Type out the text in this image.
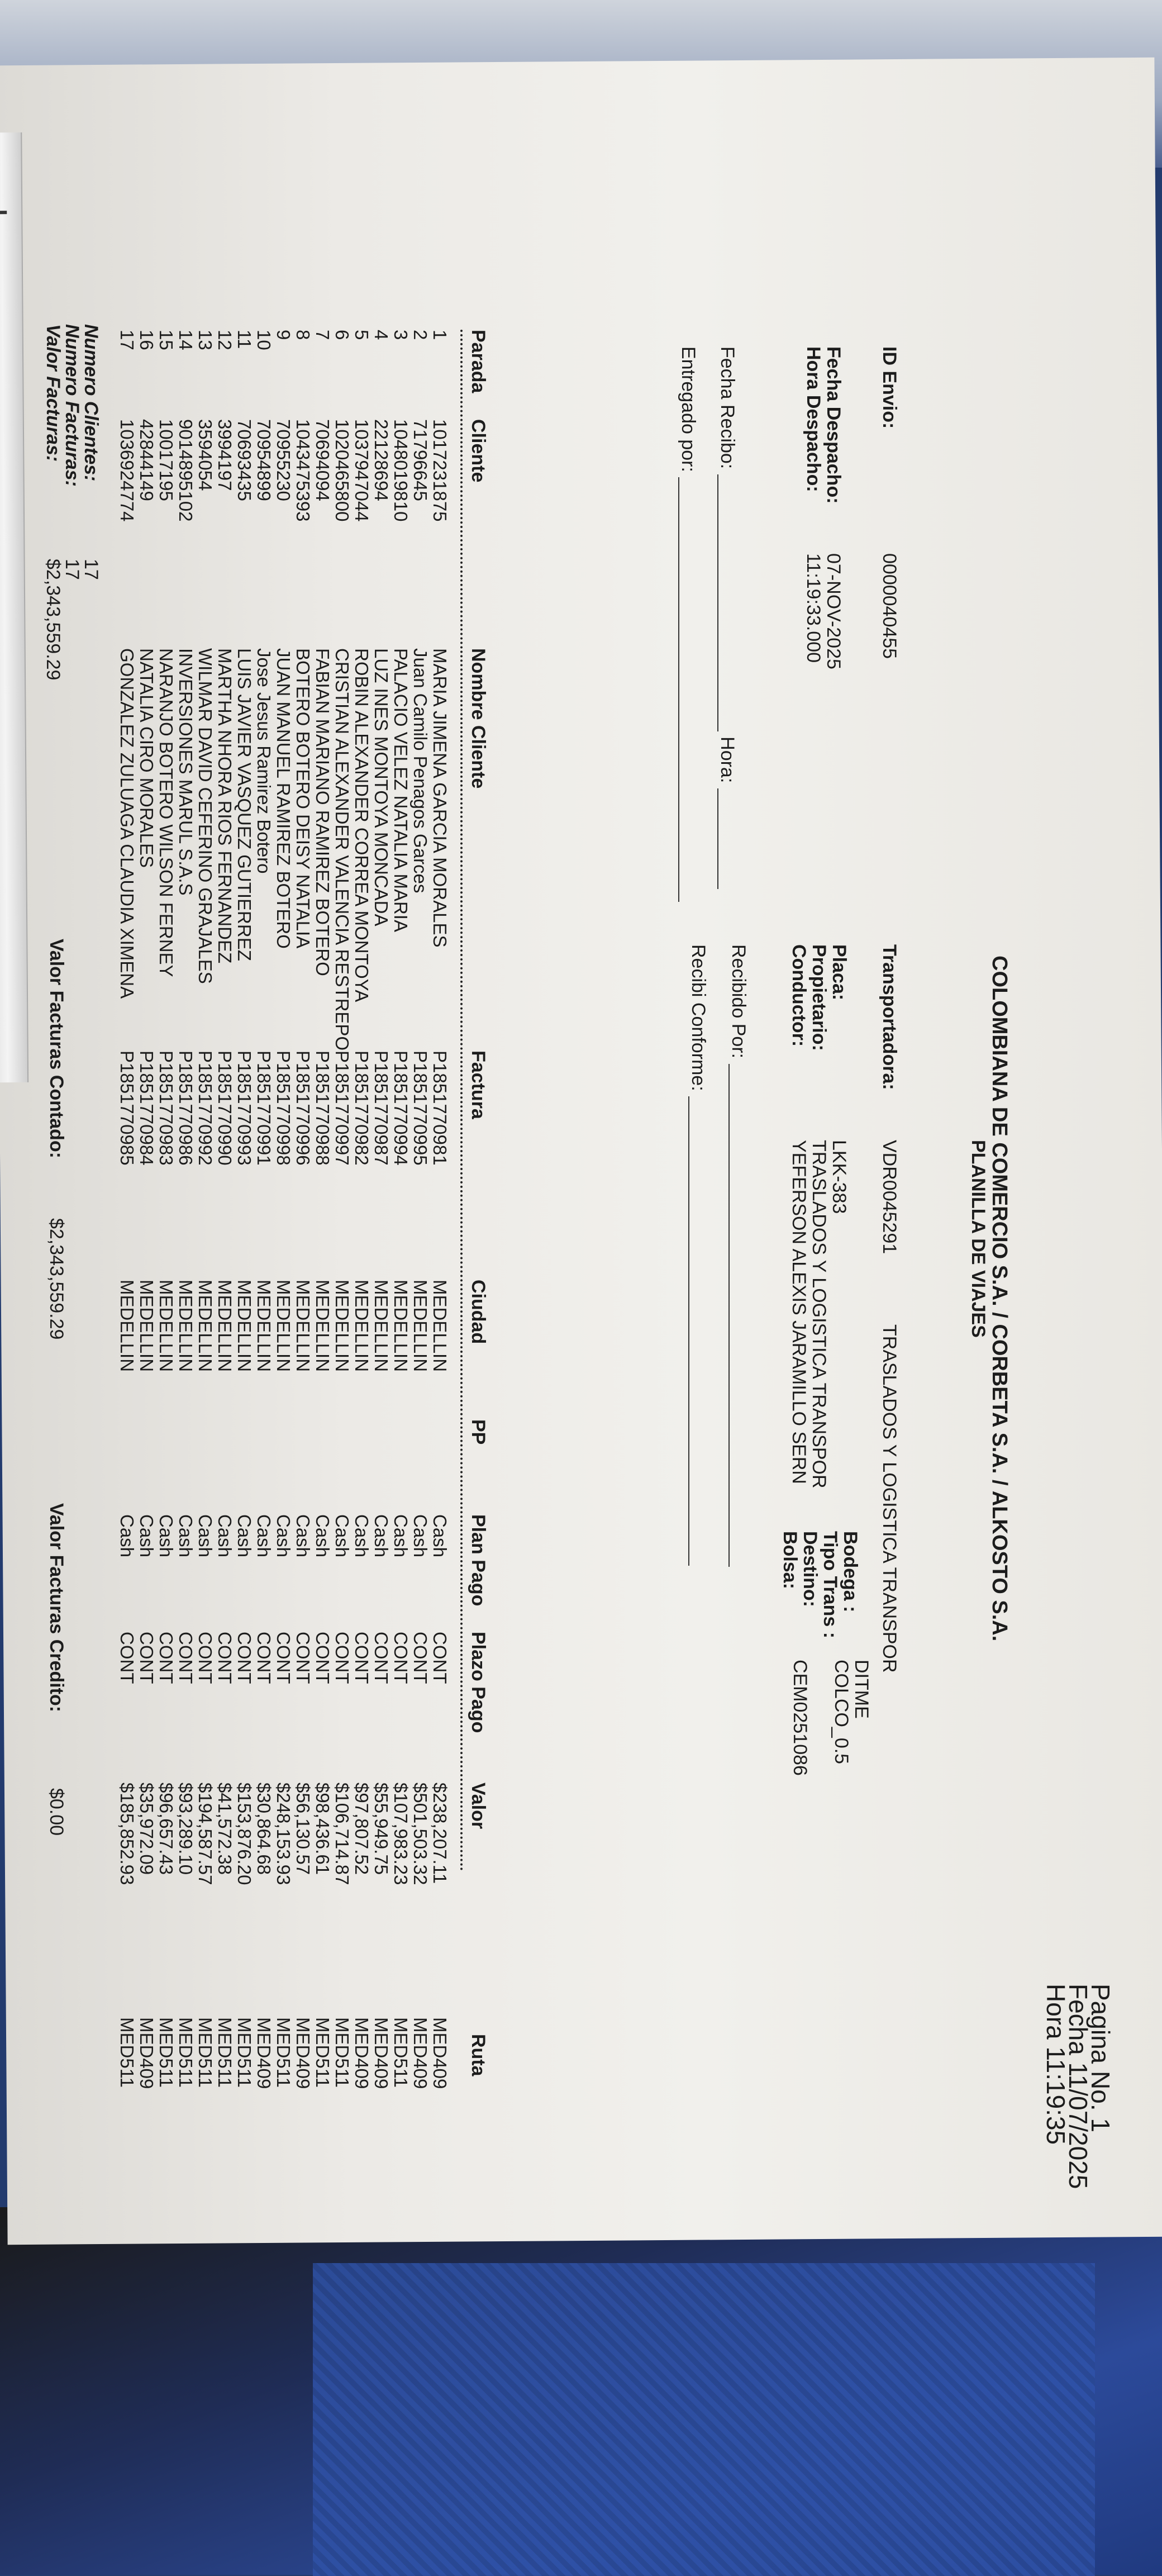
COLOMBIANA DE COMERCIO S.A. / CORBETA S.A. / ALKOSTO S.A.
PLANILLA DE VIAJES
Pagina No. 1
Fecha 11/07/2025
Hora 11:19:35
ID Envio:
0000040455
Fecha Despacho:
07-NOV-2025
Hora Despacho:
11:19:33.000
Transportadora:
VDR0045291
TRASLADOS Y LOGISTICA TRANSPOR
Placa:
LKK-383
Propietario:
TRASLADOS Y LOGISTICA TRANSPOR
Conductor:
YEFERSON ALEXIS JARAMILLO SERN
Bodega :
DITME
Tipo Trans :
COLCO_0.5
Destino:
Bolsa:
CEM0251086
Fecha Recibo:  Hora:
Entregado por:
Recibido Por:
Recibi Conforme:
Parada
Cliente
Nombre Cliente
Factura
Ciudad
PP
Plan Pago
Plazo Pago
Valor
Ruta
1
2
3
4
5
6
7
8
9
10
11
12
13
14
15
16
17
1017231875
71796645
1048019810
22128694
1037947044
1020465800
70694094
1043475393
70955230
70954899
70693435
3994197
3594054
9014895102
10017195
42844149
1036924774
MARIA JIMENA GARCIA MORALES
Juan Camilo Penagos Garces
PALACIO VELEZ NATALIA MARIA
LUZ INES MONTOYA MONCADA
ROBIN ALEXANDER CORREA MONTOYA
CRISTIAN ALEXANDER VALENCIA RESTREPO
FABIAN MARIANO RAMIREZ BOTERO
BOTERO BOTERO DEISY NATALIA
JUAN MANUEL RAMIREZ BOTERO
Jose Jesus Ramirez Botero
LUIS JAVIER VASQUEZ GUTIERREZ
MARTHA NHORA RIOS FERNANDEZ
WILMAR DAVID CEFERINO GRAJALES
INVERSIONES MARUL S.A.S
NARANJO BOTERO WILSON FERNEY
NATALIA CIRO MORALES
GONZALEZ ZULUAGA CLAUDIA XIMENA
P1851770981
P1851770995
P1851770994
P1851770987
P1851770982
P1851770997
P1851770988
P1851770996
P1851770998
P1851770991
P1851770993
P1851770990
P1851770992
P1851770986
P1851770983
P1851770984
P1851770985
MEDELLIN
MEDELLIN
MEDELLIN
MEDELLIN
MEDELLIN
MEDELLIN
MEDELLIN
MEDELLIN
MEDELLIN
MEDELLIN
MEDELLIN
MEDELLIN
MEDELLIN
MEDELLIN
MEDELLIN
MEDELLIN
MEDELLIN
Cash
Cash
Cash
Cash
Cash
Cash
Cash
Cash
Cash
Cash
Cash
Cash
Cash
Cash
Cash
Cash
Cash
CONT
CONT
CONT
CONT
CONT
CONT
CONT
CONT
CONT
CONT
CONT
CONT
CONT
CONT
CONT
CONT
CONT
$238,207.11
$501,503.32
$107,983.23
$55,949.75
$97,807.52
$106,714.87
$98,436.61
$56,130.57
$248,153.93
$30,864.68
$153,876.20
$41,572.38
$194,587.57
$93,289.10
$96,657.43
$35,972.09
$185,852.93
MED409
MED409
MED511
MED409
MED409
MED511
MED511
MED409
MED511
MED409
MED511
MED511
MED511
MED511
MED511
MED409
MED511
Numero Clientes:
Numero Facturas:
Valor Facturas:
17
17
$2,343,559.29
Valor Facturas Contado:
$2,343,559.29
Valor Facturas Credito:
$0.00
